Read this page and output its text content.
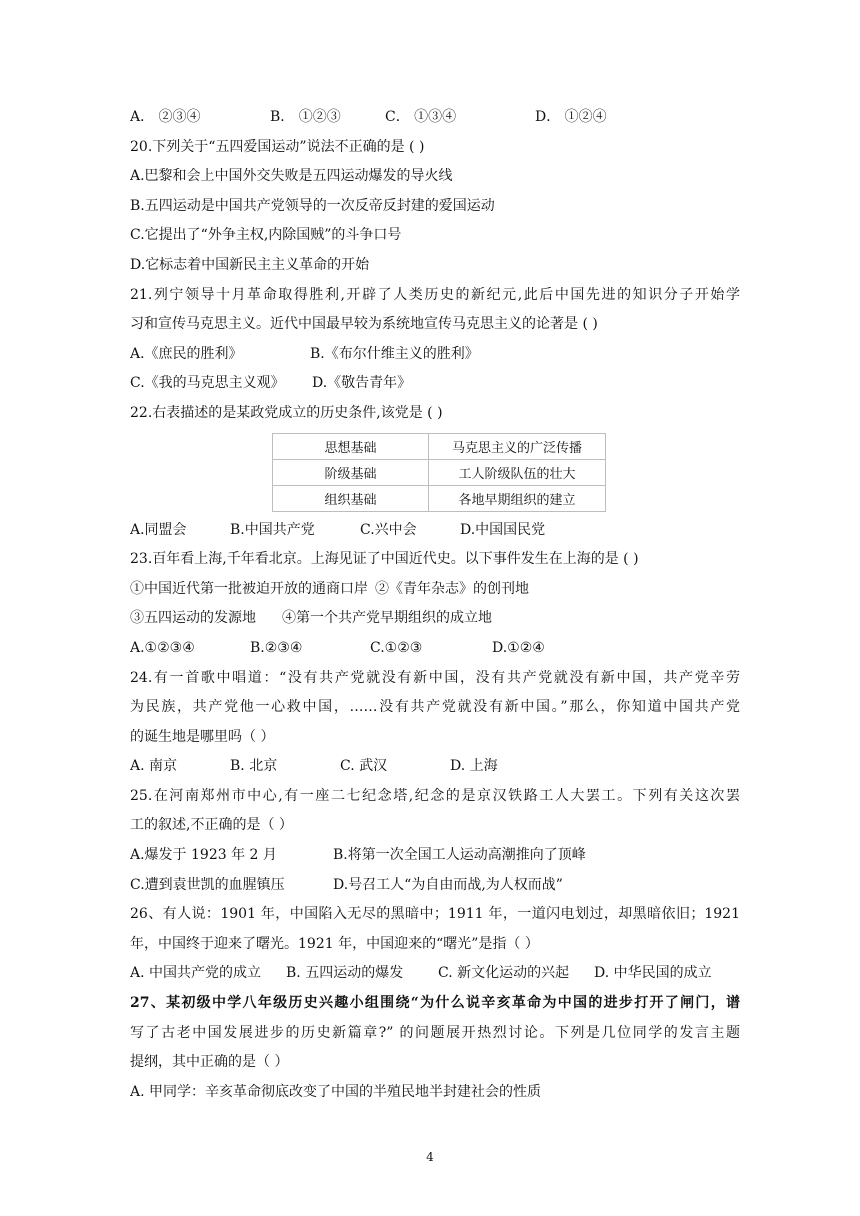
A． ②③④	B． ①②③	C． ①③④	D． ①②④
20.下列关于“五四爱国运动”说法不正确的是 ( )
A.巴黎和会上中国外交失败是五四运动爆发的导火线
B.五四运动是中国共产党领导的一次反帝反封建的爱国运动
C.它提出了“外争主权,内除国贼”的斗争口号
D.它标志着中国新民主主义革命的开始
21.列宁领导十月革命取得胜利,开辟了人类历史的新纪元,此后中国先进的知识分子开始学
习和宣传马克思主义。近代中国最早较为系统地宣传马克思主义的论著是 ( )
A.《庶民的胜利》	B.《布尔什维主义的胜利》
C.《我的马克思主义观》 D.《敬告青年》
22.右表描述的是某政党成立的历史条件,该党是 ( )
思想基础	马克思主义的广泛传播
阶级基础	工人阶级队伍的壮大
组织基础	各地早期组织的建立
A.同盟会	B.中国共产党	C.兴中会	D.中国国民党
23.百年看上海,千年看北京。上海见证了中国近代史。以下事件发生在上海的是 ( )
①中国近代第一批被迫开放的通商口岸 ②《青年杂志》的创刊地
③五四运动的发源地 ④第一个共产党早期组织的成立地
A.①②③④	B.②③④	C.①②③	D.①②④
24.有一首歌中唱道：“没有共产党就没有新中国，没有共产党就没有新中国，共产党辛劳
为民族，共产党他一心救中国，……没有共产党就没有新中国。”那么，你知道中国共产党
的诞生地是哪里吗（ ）
A. 南京	B. 北京	C. 武汉	D. 上海
25.在河南郑州市中心,有一座二七纪念塔,纪念的是京汉铁路工人大罢工。下列有关这次罢
工的叙述,不正确的是（ ）
A.爆发于 1923 年 2 月	B.将第一次全国工人运动高潮推向了顶峰
C.遭到袁世凯的血腥镇压	D.号召工人“为自由而战,为人权而战”
26、有人说：1901 年，中国陷入无尽的黑暗中；1911 年，一道闪电划过，却黑暗依旧；1921
年，中国终于迎来了曙光。1921 年，中国迎来的“曙光”是指（ ）
A. 中国共产党的成立 B. 五四运动的爆发 C. 新文化运动的兴起 D. 中华民国的成立
27、某初级中学八年级历史兴趣小组围绕“为什么说辛亥革命为中国的进步打开了闸门，谱
写了古老中国发展进步的历史新篇章?” 的问题展开热烈讨论。下列是几位同学的发言主题
提纲，其中正确的是（ ）
A. 甲同学：辛亥革命彻底改变了中国的半殖民地半封建社会的性质
4
